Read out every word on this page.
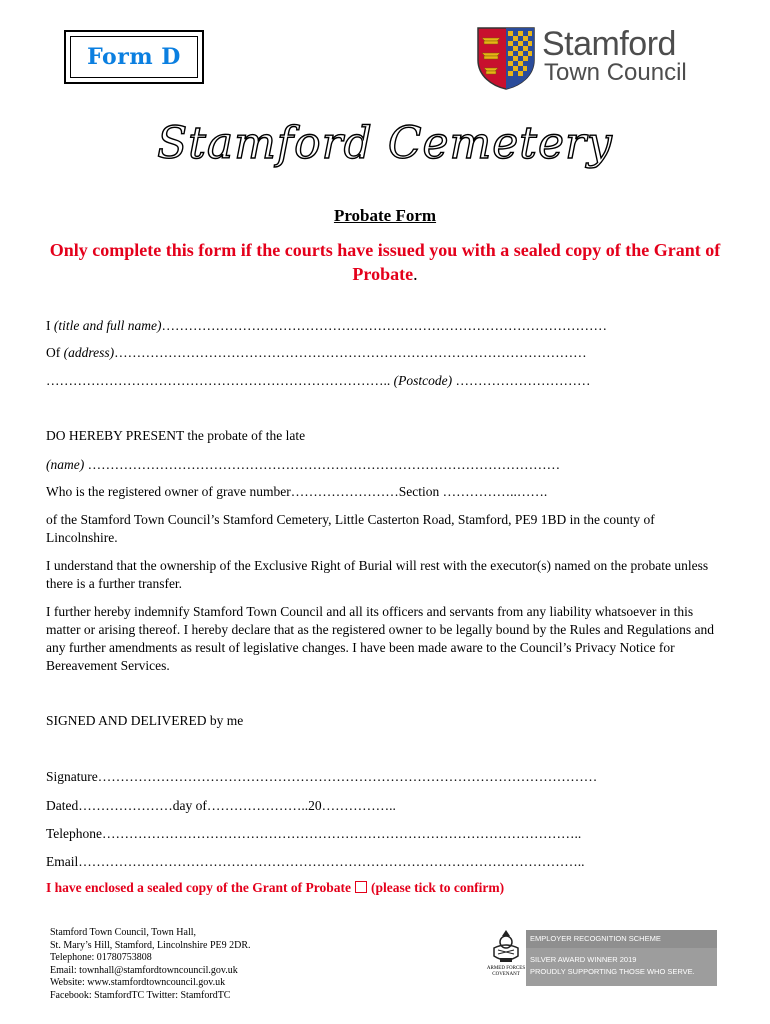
Form D	Stamford
Town Council
Stamford Cemetery
Probate Form
Only complete this form if the courts have issued you with a sealed copy of the Grant of Probate.
I (title and full name)………………………………………………………………………………………
Of (address)……………………………………………………………………………………………
………………………………………………………………….. (Postcode) …………………………
DO HEREBY PRESENT the probate of the late
(name) ……………………………………………………………………………………………
Who is the registered owner of grave number……………………Section ……………..…….
of the Stamford Town Council’s Stamford Cemetery, Little Casterton Road, Stamford, PE9 1BD in the county of Lincolnshire.
I understand that the ownership of the Exclusive Right of Burial will rest with the executor(s) named on the probate unless there is a further transfer.
I further hereby indemnify Stamford Town Council and all its officers and servants from any liability whatsoever in this matter or arising thereof. I hereby declare that as the registered owner to be legally bound by the Rules and Regulations and any further amendments as result of legislative changes. I have been made aware to the Council’s Privacy Notice for Bereavement Services.
SIGNED AND DELIVERED by me
Signature…………………………………………………………………………………………………
Dated…………………day of…………………..20……………..
Telephone……………………………………………………………………………………………..
Email…………………………………………………………………………………………………..
I have enclosed a sealed copy of the Grant of Probate (please tick to confirm)
Stamford Town Council, Town Hall,
St. Mary’s Hill, Stamford, Lincolnshire PE9 2DR.
Telephone: 01780753808
Email: townhall@stamfordtowncouncil.gov.uk
Website: www.stamfordtowncouncil.gov.uk
Facebook: StamfordTC Twitter: StamfordTC
ARMED FORCES COVENANT
EMPLOYER RECOGNITION SCHEME
SILVER AWARD WINNER 2019
PROUDLY SUPPORTING THOSE WHO SERVE.
